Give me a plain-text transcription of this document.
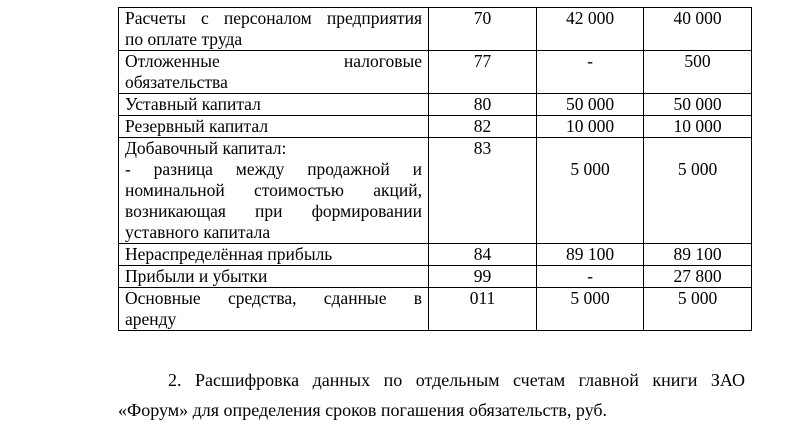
Расчеты с персоналом предприятия
по оплате труда	70	42 000	40 000

Отложенные налоговые
обязательства	77	-	500

Уставный капитал	80	50 000	50 000

Резервный капитал	82	10 000	10 000

Добавочный капитал:
- разница между продажной и
номинальной стоимостью акций,
возникающая при формировании
уставного капитала	83	5 000	5 000

Нераспределённая прибыль	84	89 100	89 100

Прибыли и убытки	99	-	27 800

Основные средства, сданные в
аренду	011	5 000	5 000
2. Расшифровка данных по отдельным счетам главной книги ЗАО
«Форум» для определения сроков погашения обязательств, руб.
